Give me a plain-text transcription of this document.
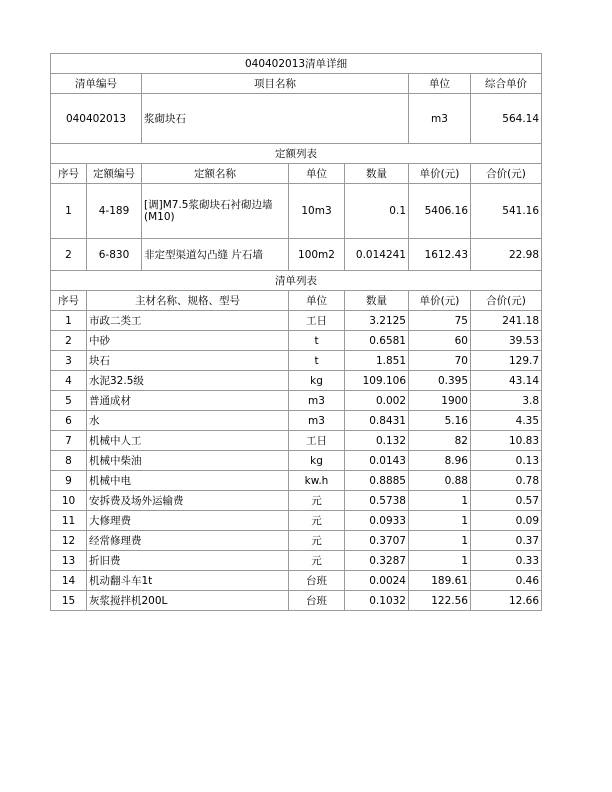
040402013清单详细						
清单编号		项目名称			单位	综合单价
040402013		浆砌块石			m3	564.14
定额列表						
序号	定额编号	定额名称	单位	数量	单价(元)	合价(元)
1	4-189	[调]M7.5浆砌块石衬砌边墙(M10)	10m3	0.1	5406.16	541.16
2	6-830	非定型渠道勾凸缝 片石墙	100m2	0.014241	1612.43	22.98
清单列表						
序号	主材名称、规格、型号		单位	数量	单价(元)	合价(元)
1	市政二类工		工日	3.2125	75	241.18
2	中砂		t	0.6581	60	39.53
3	块石		t	1.851	70	129.7
4	水泥32.5级		kg	109.106	0.395	43.14
5	普通成材		m3	0.002	1900	3.8
6	水		m3	0.8431	5.16	4.35
7	机械中人工		工日	0.132	82	10.83
8	机械中柴油		kg	0.0143	8.96	0.13
9	机械中电		kw.h	0.8885	0.88	0.78
10	安拆费及场外运输费		元	0.5738	1	0.57
11	大修理费		元	0.0933	1	0.09
12	经常修理费		元	0.3707	1	0.37
13	折旧费		元	0.3287	1	0.33
14	机动翻斗车1t		台班	0.0024	189.61	0.46
15	灰浆搅拌机200L		台班	0.1032	122.56	12.66
